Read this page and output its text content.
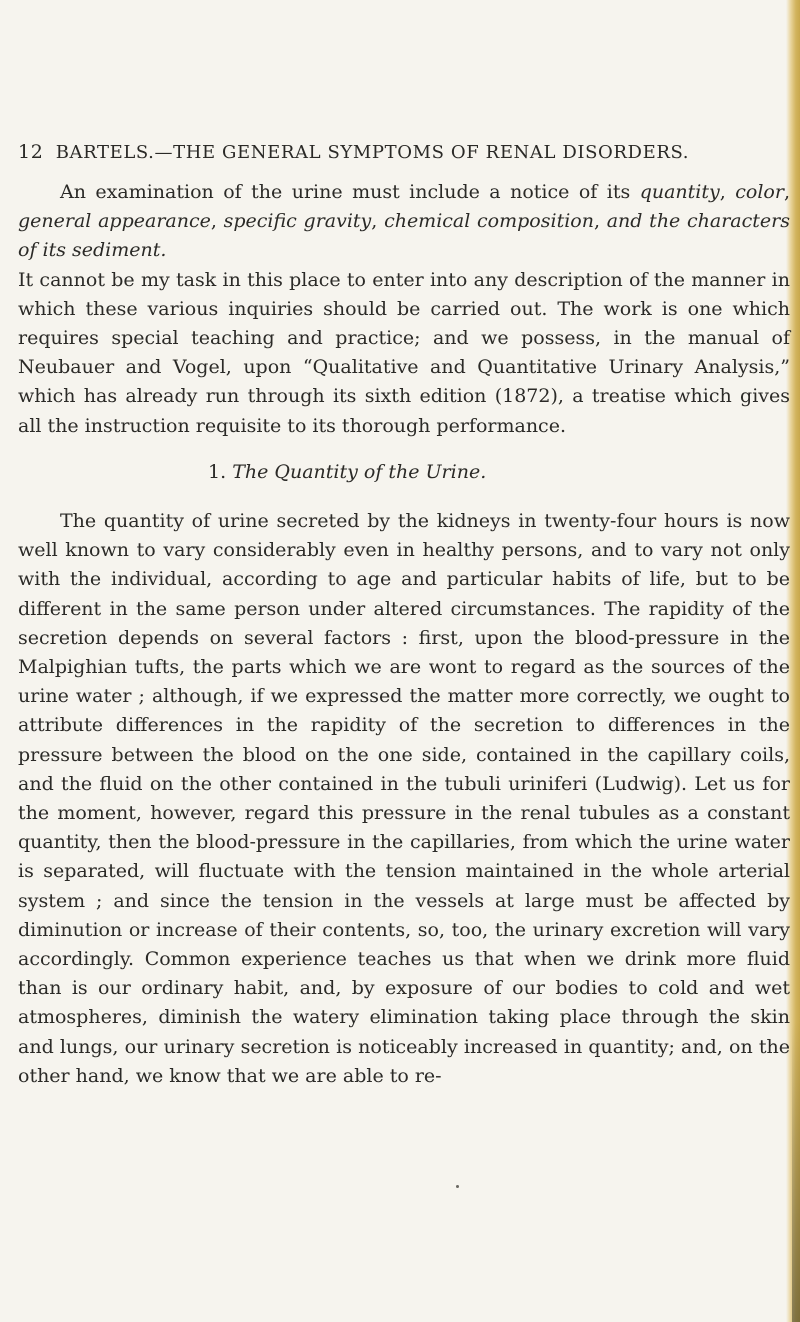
12 BARTELS.—THE GENERAL SYMPTOMS OF RENAL DISORDERS.

An examination of the urine must include a notice of its quantity, color, general appearance, specific gravity, chemical composition, and the characters of its sediment.

It cannot be my task in this place to enter into any description of the manner in which these various inquiries should be carried out. The work is one which requires special teaching and practice; and we possess, in the manual of Neubauer and Vogel, upon “Qualitative and Quantitative Urinary Analysis,” which has already run through its sixth edition (1872), a treatise which gives all the instruction requisite to its thorough performance.

1. The Quantity of the Urine.

The quantity of urine secreted by the kidneys in twenty-four hours is now well known to vary considerably even in healthy persons, and to vary not only with the individual, according to age and particular habits of life, but to be different in the same person under altered circumstances. The rapidity of the secretion depends on several factors : first, upon the blood-pressure in the Malpighian tufts, the parts which we are wont to regard as the sources of the urine water ; although, if we expressed the matter more correctly, we ought to attribute differences in the rapidity of the secretion to differences in the pressure between the blood on the one side, contained in the capillary coils, and the fluid on the other contained in the tubuli uriniferi (Ludwig). Let us for the moment, however, regard this pressure in the renal tubules as a constant quantity, then the blood-pressure in the capillaries, from which the urine water is separated, will fluctuate with the tension maintained in the whole arterial system ; and since the tension in the vessels at large must be affected by diminution or increase of their contents, so, too, the urinary excretion will vary accordingly. Common experience teaches us that when we drink more fluid than is our ordinary habit, and, by exposure of our bodies to cold and wet atmospheres, diminish the watery elimination taking place through the skin and lungs, our urinary secretion is noticeably increased in quantity; and, on the other hand, we know that we are able to re-
